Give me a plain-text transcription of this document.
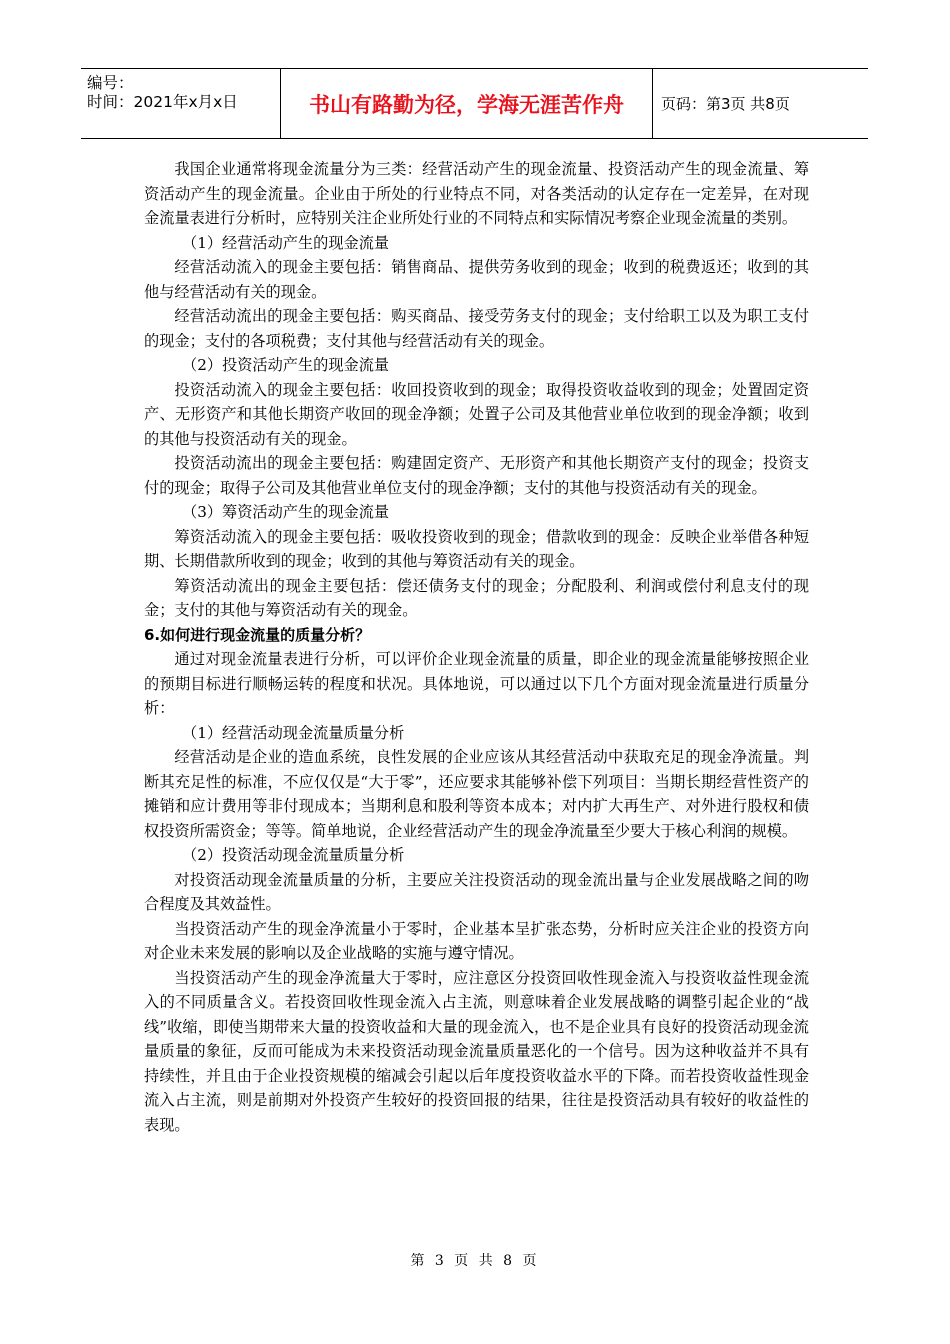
编号：
时间：2021年x月x日	书山有路勤为径，学海无涯苦作舟	页码：第3页 共8页

我国企业通常将现金流量分为三类：经营活动产生的现金流量、投资活动产生的现金流量、筹资活动产生的现金流量。企业由于所处的行业特点不同，对各类活动的认定存在一定差异，在对现金流量表进行分析时，应特别关注企业所处行业的不同特点和实际情况考察企业现金流量的类别。

（1）经营活动产生的现金流量

经营活动流入的现金主要包括：销售商品、提供劳务收到的现金；收到的税费返还；收到的其他与经营活动有关的现金。

经营活动流出的现金主要包括：购买商品、接受劳务支付的现金；支付给职工以及为职工支付的现金；支付的各项税费；支付其他与经营活动有关的现金。

（2）投资活动产生的现金流量

投资活动流入的现金主要包括：收回投资收到的现金；取得投资收益收到的现金；处置固定资产、无形资产和其他长期资产收回的现金净额；处置子公司及其他营业单位收到的现金净额；收到的其他与投资活动有关的现金。

投资活动流出的现金主要包括：购建固定资产、无形资产和其他长期资产支付的现金；投资支付的现金；取得子公司及其他营业单位支付的现金净额；支付的其他与投资活动有关的现金。

（3）筹资活动产生的现金流量

筹资活动流入的现金主要包括：吸收投资收到的现金；借款收到的现金：反映企业举借各种短期、长期借款所收到的现金；收到的其他与筹资活动有关的现金。

筹资活动流出的现金主要包括：偿还债务支付的现金；分配股利、利润或偿付利息支付的现金；支付的其他与筹资活动有关的现金。

6.如何进行现金流量的质量分析？

通过对现金流量表进行分析，可以评价企业现金流量的质量，即企业的现金流量能够按照企业的预期目标进行顺畅运转的程度和状况。具体地说，可以通过以下几个方面对现金流量进行质量分析：

（1）经营活动现金流量质量分析

经营活动是企业的造血系统，良性发展的企业应该从其经营活动中获取充足的现金净流量。判断其充足性的标准，不应仅仅是“大于零”，还应要求其能够补偿下列项目：当期长期经营性资产的摊销和应计费用等非付现成本；当期利息和股利等资本成本；对内扩大再生产、对外进行股权和债权投资所需资金；等等。简单地说，企业经营活动产生的现金净流量至少要大于核心利润的规模。

（2）投资活动现金流量质量分析

对投资活动现金流量质量的分析，主要应关注投资活动的现金流出量与企业发展战略之间的吻合程度及其效益性。

当投资活动产生的现金净流量小于零时，企业基本呈扩张态势，分析时应关注企业的投资方向对企业未来发展的影响以及企业战略的实施与遵守情况。

当投资活动产生的现金净流量大于零时，应注意区分投资回收性现金流入与投资收益性现金流入的不同质量含义。若投资回收性现金流入占主流，则意味着企业发展战略的调整引起企业的“战线”收缩，即使当期带来大量的投资收益和大量的现金流入，也不是企业具有良好的投资活动现金流量质量的象征，反而可能成为未来投资活动现金流量质量恶化的一个信号。因为这种收益并不具有持续性，并且由于企业投资规模的缩减会引起以后年度投资收益水平的下降。而若投资收益性现金流入占主流，则是前期对外投资产生较好的投资回报的结果，往往是投资活动具有较好的收益性的表现。

第 3 页 共 8 页
